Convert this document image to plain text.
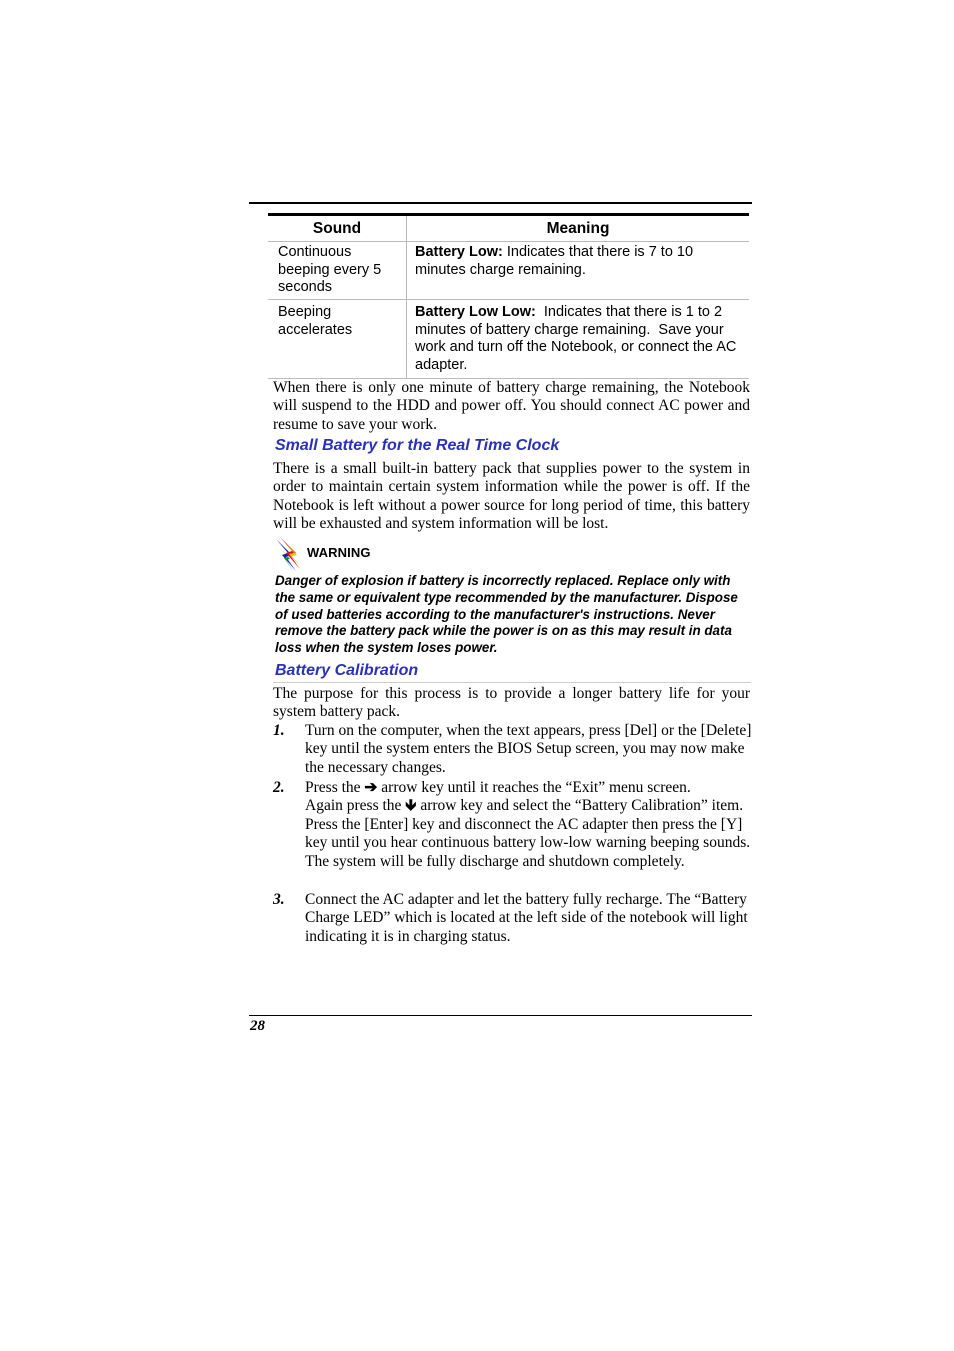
Sound	Meaning
Continuous beeping every 5 seconds	Battery Low: Indicates that there is 7 to 10 minutes charge remaining.
Beeping accelerates	Battery Low Low:  Indicates that there is 1 to 2 minutes of battery charge remaining.  Save your work and turn off the Notebook, or connect the AC adapter.

When there is only one minute of battery charge remaining, the Notebook will suspend to the HDD and power off. You should connect AC power and resume to save your work.

Small Battery for the Real Time Clock

There is a small built-in battery pack that supplies power to the system in order to maintain certain system information while the power is off. If the Notebook is left without a power source for long period of time, this battery will be exhausted and system information will be lost.

WARNING

Danger of explosion if battery is incorrectly replaced. Replace only with the same or equivalent type recommended by the manufacturer. Dispose of used batteries according to the manufacturer's instructions. Never remove the battery pack while the power is on as this may result in data loss when the system loses power.

Battery Calibration

The purpose for this process is to provide a longer battery life for your system battery pack.

1. Turn on the computer, when the text appears, press [Del] or the [Delete] key until the system enters the BIOS Setup screen, you may now make the necessary changes.

2. Press the ➔ arrow key until it reaches the “Exit” menu screen.
Again press the 🡻 arrow key and select the “Battery Calibration” item.
Press the [Enter] key and disconnect the AC adapter then press the [Y] key until you hear continuous battery low-low warning beeping sounds. The system will be fully discharge and shutdown completely.
3. Connect the AC adapter and let the battery fully recharge. The “Battery Charge LED” which is located at the left side of the notebook will light indicating it is in charging status.

28
